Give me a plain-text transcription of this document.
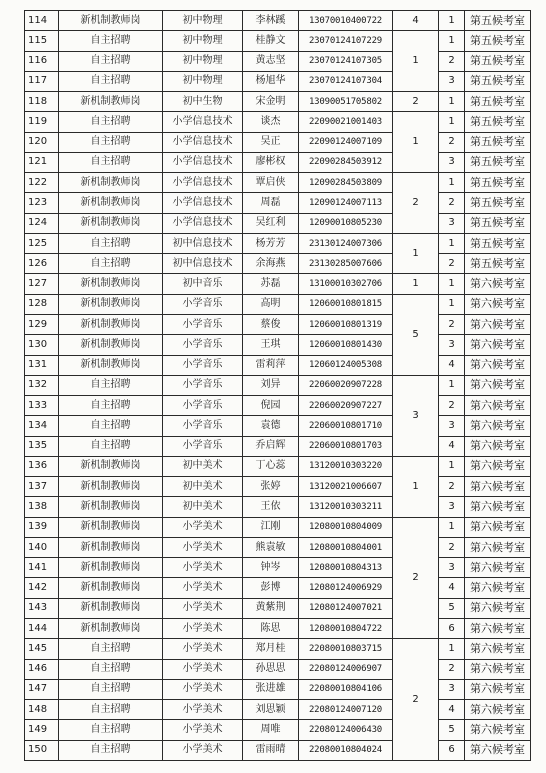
114	新机制教师岗	初中物理	李林蹊	13070010400722	4	1	第五候考室
115	自主招聘	初中物理	桂静文	23070124107229	1	1	第五候考室
116	自主招聘	初中物理	黄志坚	23070124107305		2	第五候考室
117	自主招聘	初中物理	杨旭华	23070124107304		3	第五候考室
118	新机制教师岗	初中生物	宋金明	13090051705802	2	1	第五候考室
119	自主招聘	小学信息技术	谈杰	22090021001403	1	1	第五候考室
120	自主招聘	小学信息技术	吴正	22090124007109		2	第五候考室
121	自主招聘	小学信息技术	廖彬权	22090284503912		3	第五候考室
122	新机制教师岗	小学信息技术	覃启侠	12090284503809	2	1	第五候考室
123	新机制教师岗	小学信息技术	周磊	12090124007113		2	第五候考室
124	新机制教师岗	小学信息技术	吴红利	12090010805230		3	第五候考室
125	自主招聘	初中信息技术	杨芳芳	23130124007306	1	1	第五候考室
126	自主招聘	初中信息技术	余海燕	23130285007606		2	第五候考室
127	新机制教师岗	初中音乐	苏磊	13100010302706	1	1	第六候考室
128	新机制教师岗	小学音乐	高明	12060010801815	5	1	第六候考室
129	新机制教师岗	小学音乐	蔡俊	12060010801319		2	第六候考室
130	新机制教师岗	小学音乐	王琪	12060010801430		3	第六候考室
131	新机制教师岗	小学音乐	雷莉萍	12060124005308		4	第六候考室
132	自主招聘	小学音乐	刘异	22060020907228	3	1	第六候考室
133	自主招聘	小学音乐	倪园	22060020907227		2	第六候考室
134	自主招聘	小学音乐	袁德	22060010801710		3	第六候考室
135	自主招聘	小学音乐	乔启辉	22060010801703		4	第六候考室
136	新机制教师岗	初中美术	丁心蕊	13120010303220	1	1	第六候考室
137	新机制教师岗	初中美术	张婷	13120021006607		2	第六候考室
138	新机制教师岗	初中美术	王依	13120010303211		3	第六候考室
139	新机制教师岗	小学美术	江刚	12080010804009	2	1	第六候考室
140	新机制教师岗	小学美术	熊袁敏	12080010804001		2	第六候考室
141	新机制教师岗	小学美术	钟岑	12080010804313		3	第六候考室
142	新机制教师岗	小学美术	彭博	12080124006929		4	第六候考室
143	新机制教师岗	小学美术	黄紫荆	12080124007021		5	第六候考室
144	新机制教师岗	小学美术	陈思	12080010804722		6	第六候考室
145	自主招聘	小学美术	郑月桂	22080010803715	2	1	第六候考室
146	自主招聘	小学美术	孙思思	22080124006907		2	第六候考室
147	自主招聘	小学美术	张进雄	22080010804106		3	第六候考室
148	自主招聘	小学美术	刘思颖	22080124007120		4	第六候考室
149	自主招聘	小学美术	周唯	22080124006430		5	第六候考室
150	自主招聘	小学美术	雷雨晴	22080010804024		6	第六候考室
